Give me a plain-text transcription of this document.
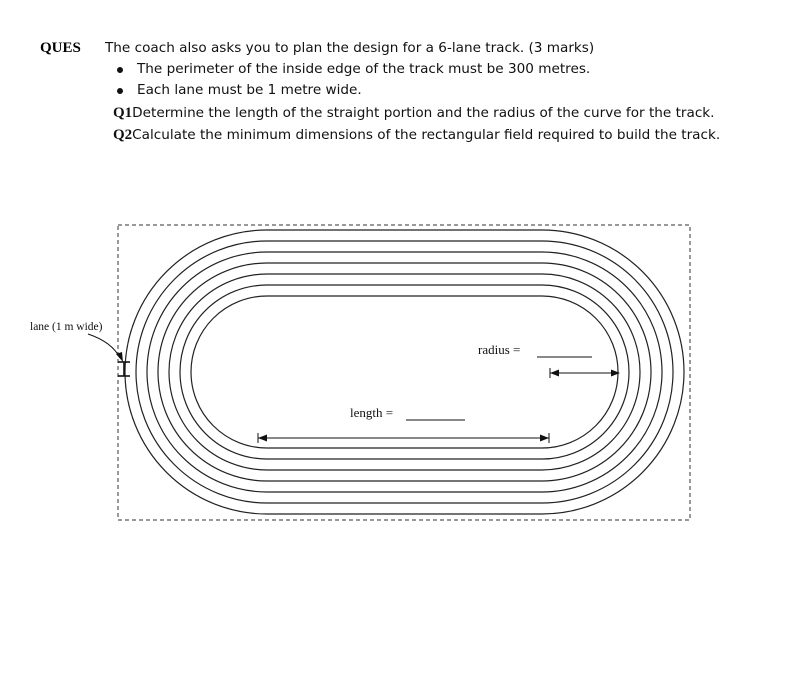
QUES The coach also asks you to plan the design for a 6-lane track. (3 marks)
The perimeter of the inside edge of the track must be 300 metres.
Each lane must be 1 metre wide.
Q1Determine the length of the straight portion and the radius of the curve for the track.
Q2Calculate the minimum dimensions of the rectangular field required to build the track.
lane (1 m wide)
radius =
length =
